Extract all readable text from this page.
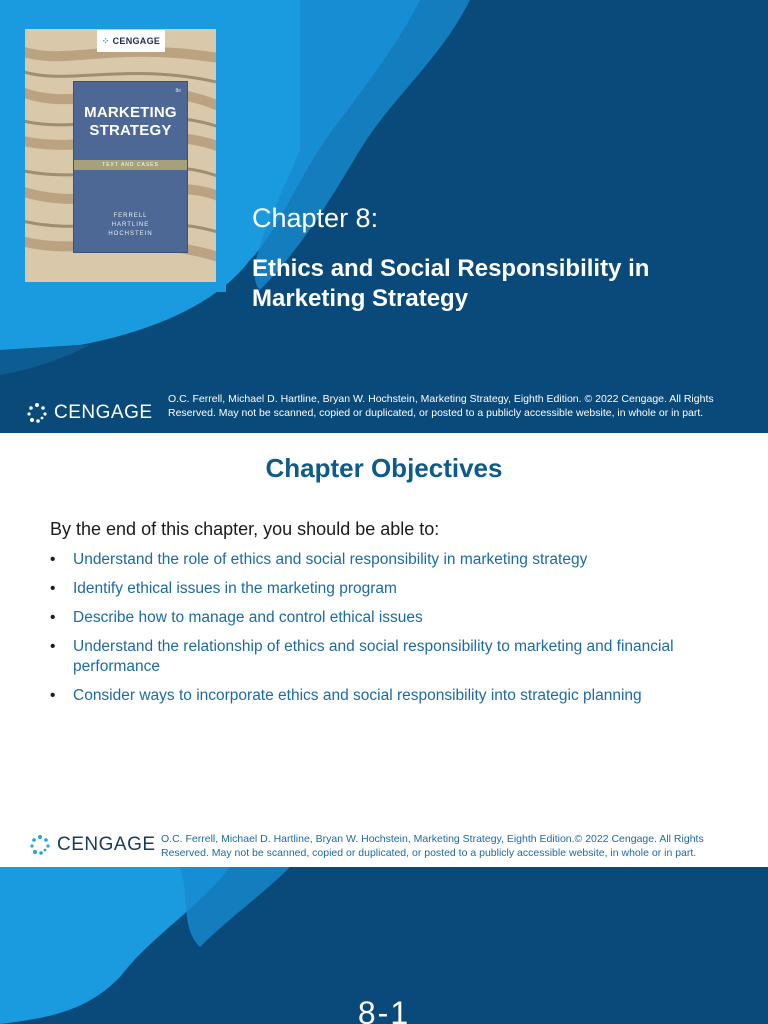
⁘ CENGAGE
8e
MARKETING
STRATEGY
TEXT AND CASES
FERRELL
HARTLINE
HOCHSTEIN
Chapter 8:
Ethics and Social Responsibility in Marketing Strategy
CENGAGE
O.C. Ferrell, Michael D. Hartline, Bryan W. Hochstein, Marketing Strategy, Eighth Edition. © 2022 Cengage. All Rights Reserved. May not be scanned, copied or duplicated, or posted to a publicly accessible website, in whole or in part.
Chapter Objectives
By the end of this chapter, you should be able to:
• Understand the role of ethics and social responsibility in marketing strategy
• Identify ethical issues in the marketing program
• Describe how to manage and control ethical issues
• Understand the relationship of ethics and social responsibility to marketing and financial performance
• Consider ways to incorporate ethics and social responsibility into strategic planning
CENGAGE O.C. Ferrell, Michael D. Hartline, Bryan W. Hochstein, Marketing Strategy, Eighth Edition.© 2022 Cengage. All Rights Reserved. May not be scanned, copied or duplicated, or posted to a publicly accessible website, in whole or in part.
8-1
